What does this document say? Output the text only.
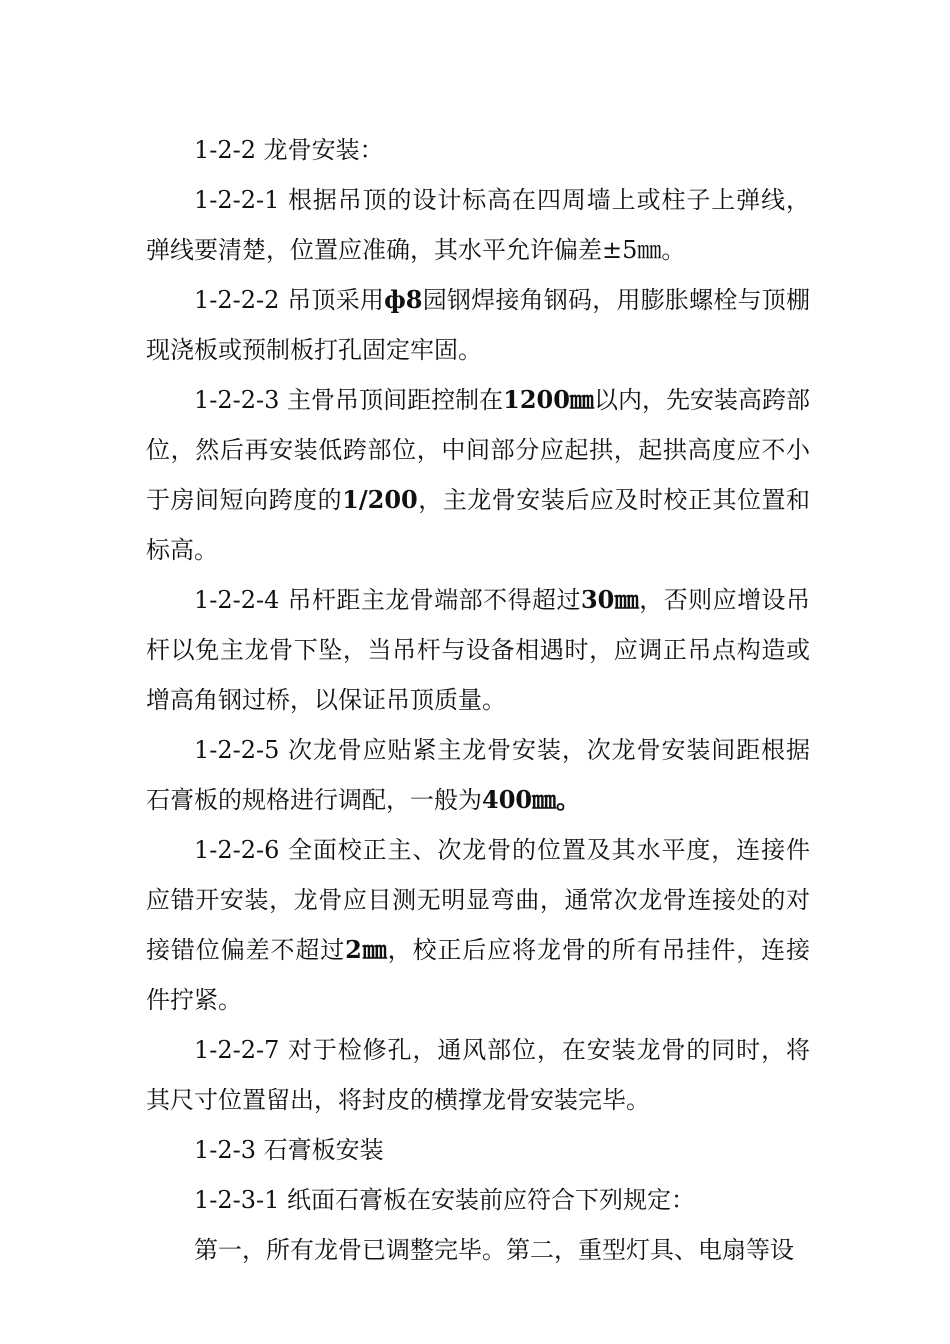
1-2-2 龙骨安装：

1-2-2-1 根据吊顶的设计标高在四周墙上或柱子上弹线，弹线要清楚，位置应准确，其水平允许偏差±5㎜。

1-2-2-2 吊顶采用ф8园钢焊接角钢码，用膨胀螺栓与顶棚现浇板或预制板打孔固定牢固。

1-2-2-3 主骨吊顶间距控制在1200㎜以内，先安装高跨部位，然后再安装低跨部位，中间部分应起拱，起拱高度应不小于房间短向跨度的1/200，主龙骨安装后应及时校正其位置和标高。

1-2-2-4 吊杆距主龙骨端部不得超过30㎜，否则应增设吊杆以免主龙骨下坠，当吊杆与设备相遇时，应调正吊点构造或增高角钢过桥，以保证吊顶质量。

1-2-2-5 次龙骨应贴紧主龙骨安装，次龙骨安装间距根据石膏板的规格进行调配，一般为400㎜。

1-2-2-6 全面校正主、次龙骨的位置及其水平度，连接件应错开安装，龙骨应目测无明显弯曲，通常次龙骨连接处的对接错位偏差不超过2㎜，校正后应将龙骨的所有吊挂件，连接件拧紧。

1-2-2-7 对于检修孔，通风部位，在安装龙骨的同时，将其尺寸位置留出，将封皮的横撑龙骨安装完毕。

1-2-3 石膏板安装

1-2-3-1 纸面石膏板在安装前应符合下列规定：

第一，所有龙骨已调整完毕。第二，重型灯具、电扇等设
